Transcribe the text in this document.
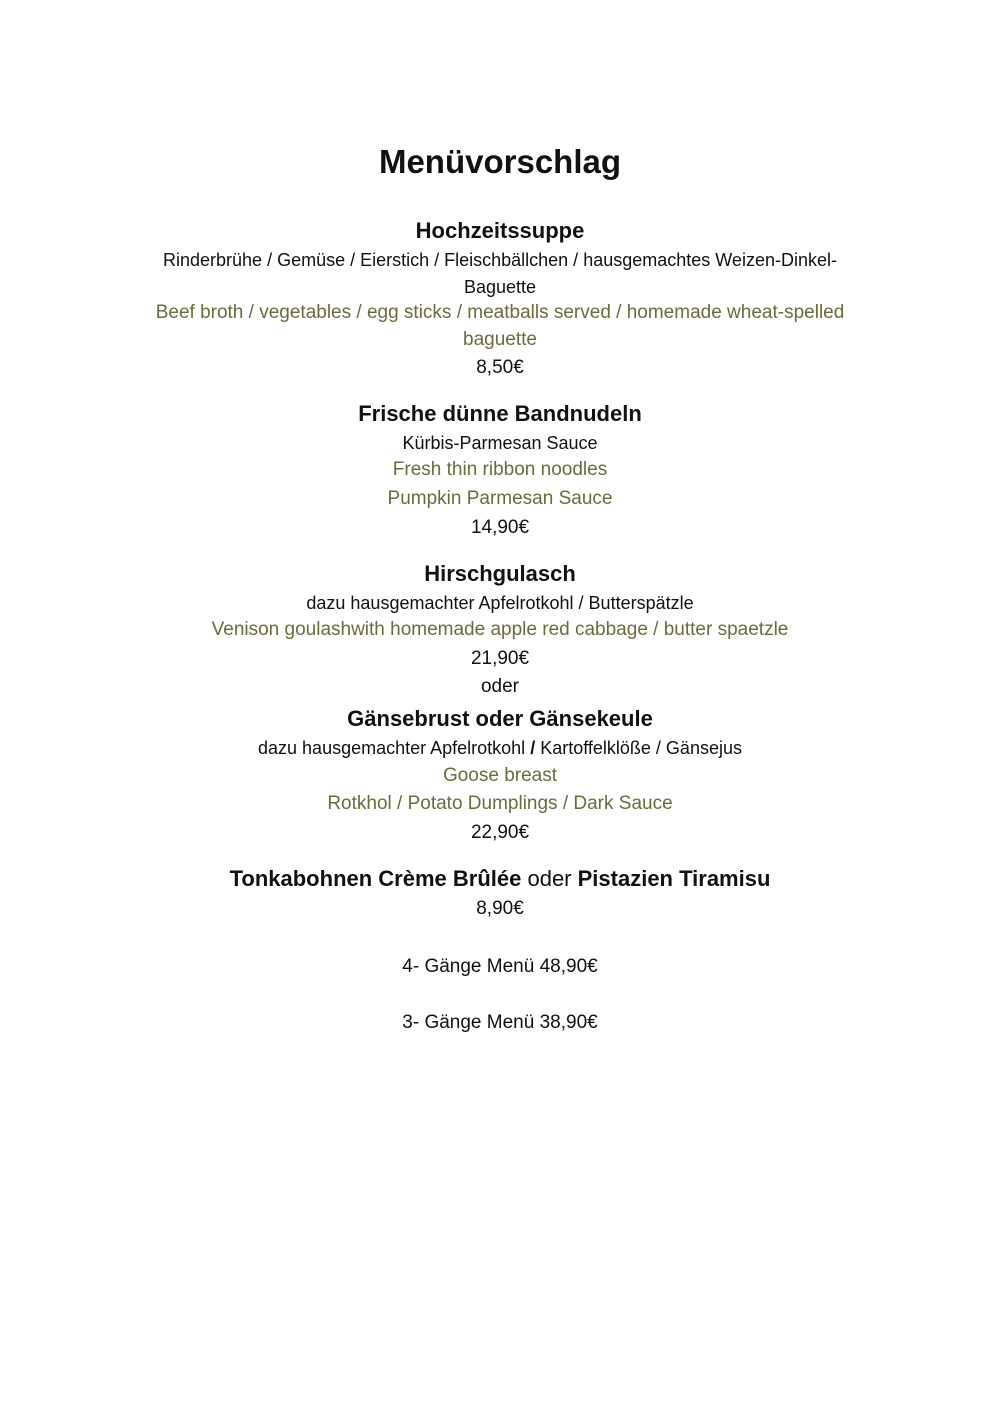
Menüvorschlag
Hochzeitssuppe
Rinderbrühe / Gemüse / Eierstich / Fleischbällchen / hausgemachtes Weizen-Dinkel-
Baguette
Beef broth / vegetables / egg sticks / meatballs served / homemade wheat-spelled
baguette
8,50€
Frische dünne Bandnudeln
Kürbis-Parmesan Sauce
Fresh thin ribbon noodles
Pumpkin Parmesan Sauce
14,90€
Hirschgulasch
dazu hausgemachter Apfelrotkohl / Butterspätzle
Venison goulashwith homemade apple red cabbage / butter spaetzle
21,90€
oder
Gänsebrust oder Gänsekeule
dazu hausgemachter Apfelrotkohl / Kartoffelklöße / Gänsejus
Goose breast
Rotkhol / Potato Dumplings / Dark Sauce
22,90€
Tonkabohnen Crème Brûlée oder Pistazien Tiramisu
8,90€
4- Gänge Menü 48,90€
3- Gänge Menü 38,90€
